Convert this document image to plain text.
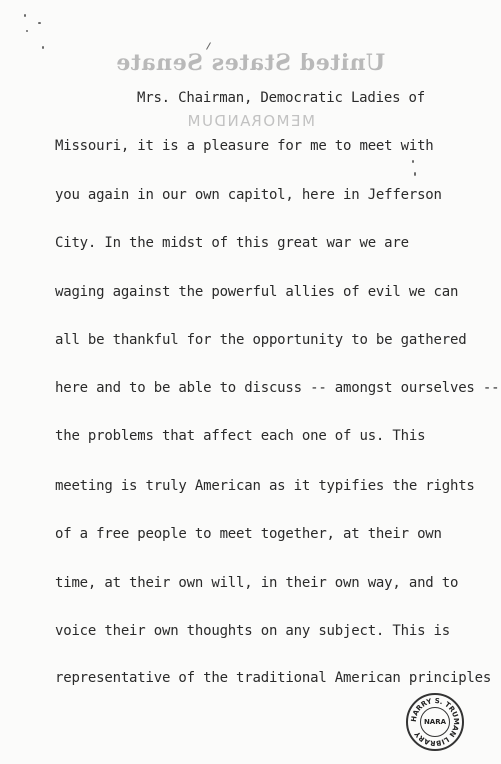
United States Senate
MEMORANDUM
Mrs. Chairman, Democratic Ladies of
Missouri, it is a pleasure for me to meet with
you again in our own capitol, here in Jefferson
City. In the midst of this great war we are
waging against the powerful allies of evil we can
all be thankful for the opportunity to be gathered
here and to be able to discuss -- amongst ourselves --
the problems that affect each one of us. This
meeting is truly American as it typifies the rights
of a free people to meet together, at their own
time, at their own will, in their own way, and to
voice their own thoughts on any subject. This is
representative of the traditional American principles
HARRY S. TRUMAN LIBRARY
NARA
